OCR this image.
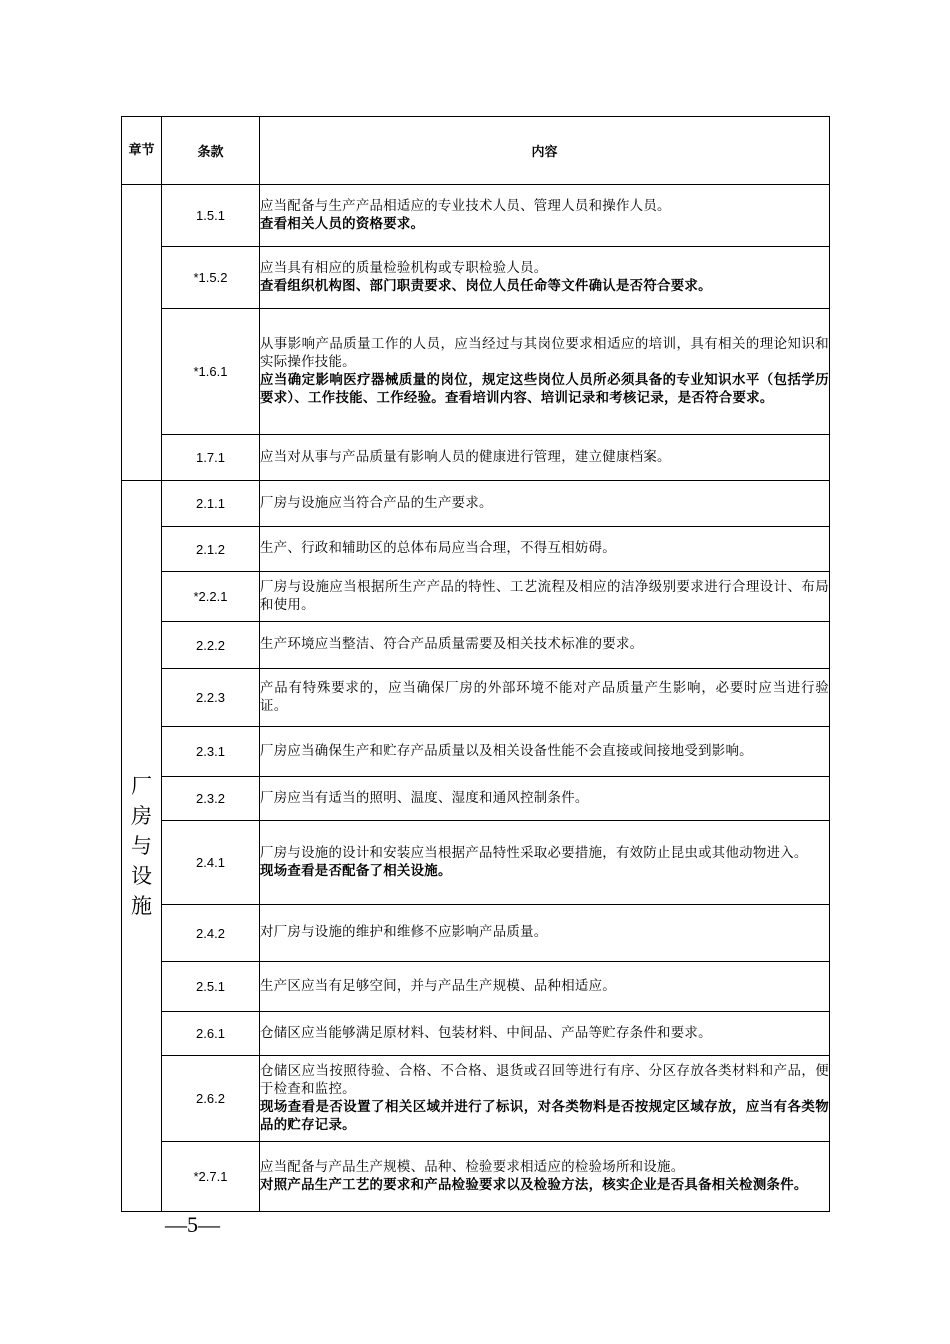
章节	条款	内容
	1.5.1	应当配备与生产产品相适应的专业技术人员、管理人员和操作人员。
查看相关人员的资格要求。

	*1.5.2	应当具有相应的质量检验机构或专职检验人员。
查看组织机构图、部门职责要求、岗位人员任命等文件确认是否符合要求。

	*1.6.1	从事影响产品质量工作的人员，应当经过与其岗位要求相适应的培训，具有相关的理论知识和实际操作技能。
应当确定影响医疗器械质量的岗位，规定这些岗位人员所必须具备的专业知识水平（包括学历要求）、工作技能、工作经验。查看培训内容、培训记录和考核记录，是否符合要求。

	1.7.1	应当对从事与产品质量有影响人员的健康进行管理，建立健康档案。

厂房与设施	2.1.1	厂房与设施应当符合产品的生产要求。

	2.1.2	生产、行政和辅助区的总体布局应当合理，不得互相妨碍。

	*2.2.1	厂房与设施应当根据所生产产品的特性、工艺流程及相应的洁净级别要求进行合理设计、布局和使用。

	2.2.2	生产环境应当整洁、符合产品质量需要及相关技术标准的要求。

	2.2.3	产品有特殊要求的，应当确保厂房的外部环境不能对产品质量产生影响，必要时应当进行验证。

	2.3.1	厂房应当确保生产和贮存产品质量以及相关设备性能不会直接或间接地受到影响。

	2.3.2	厂房应当有适当的照明、温度、湿度和通风控制条件。

	2.4.1	厂房与设施的设计和安装应当根据产品特性采取必要措施，有效防止昆虫或其他动物进入。
现场查看是否配备了相关设施。

	2.4.2	对厂房与设施的维护和维修不应影响产品质量。

	2.5.1	生产区应当有足够空间，并与产品生产规模、品种相适应。

	2.6.1	仓储区应当能够满足原材料、包装材料、中间品、产品等贮存条件和要求。

	2.6.2	仓储区应当按照待验、合格、不合格、退货或召回等进行有序、分区存放各类材料和产品，便于检查和监控。
现场查看是否设置了相关区域并进行了标识，对各类物料是否按规定区域存放，应当有各类物品的贮存记录。

	*2.7.1	应当配备与产品生产规模、品种、检验要求相适应的检验场所和设施。
对照产品生产工艺的要求和产品检验要求以及检验方法，核实企业是否具备相关检测条件。
—5—
